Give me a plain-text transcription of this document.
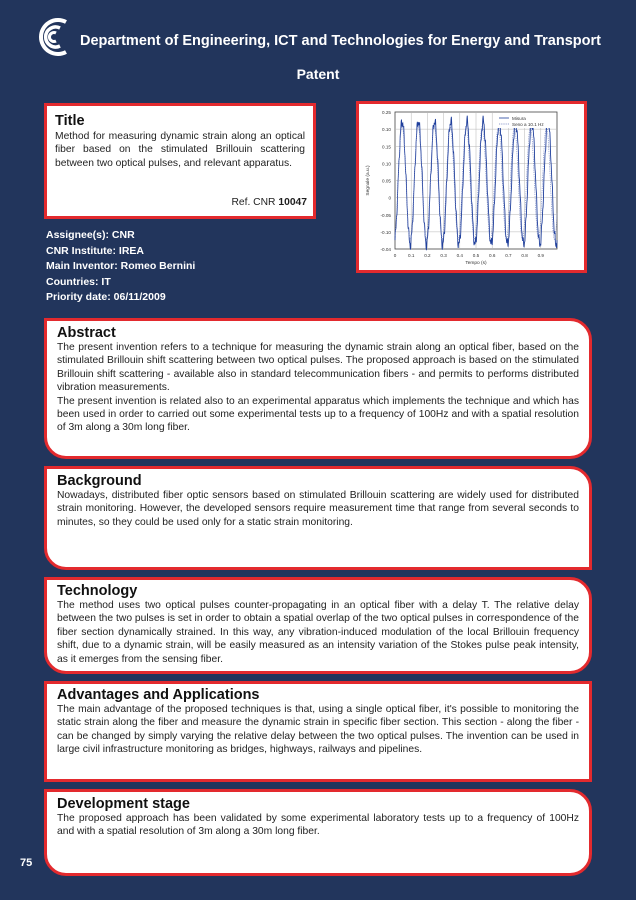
Department of Engineering, ICT and Technologies for Energy and Transport
Patent
Title

Method for measuring dynamic strain along an optical fiber based on the stimulated Brillouin scattering between two optical pulses, and relevant apparatus.

Ref. CNR 10047
0.25
0.10
0.15
0.10
0.05
0
-0.05
-0.10
-0.04
0	0.1 0.2 0.3 0.4 0.5 0.6 0.7 0.8 0.9
Tempo (s)
Segnale (a.u.)
Misura
Seno a 10.1 Hz
Assignee(s): CNR
CNR Institute: IREA
Main Inventor: Romeo Bernini
Countries: IT
Priority date: 06/11/2009
Abstract

The present invention refers to a technique for measuring the dynamic strain along an optical fiber, based on the stimulated Brillouin shift scattering between two optical pulses. The proposed approach is based on the stimulated Brillouin shift scattering - available also in standard telecommunication fibers - and permits to performs distributed vibration measurements.

The present invention is related also to an experimental apparatus which implements the technique and which has been used in order to carried out some experimental tests up to a frequency of 100Hz and with a spatial resolution of 3m along a 30m long fiber.

Background

Nowadays, distributed fiber optic sensors based on stimulated Brillouin scattering are widely used for distributed strain monitoring. However, the developed sensors require measurement time that range from several seconds to minutes, so they could be used only for a static strain monitoring.

Technology

The method uses two optical pulses counter-propagating in an optical fiber with a delay T. The relative delay between the two pulses is set in order to obtain a spatial overlap of the two optical pulses in correspondence of the fiber section dynamically strained. In this way, any vibration-induced modulation of the local Brillouin frequency shift, due to a dynamic strain, will be easily measured as an intensity variation of the Stokes pulse peak intensity, as it emerges from the sensing fiber.

Advantages and Applications

The main advantage of the proposed techniques is that, using a single optical fiber, it's possible to monitoring the static strain along the fiber and measure the dynamic strain in specific fiber section. This section - along the fiber - can be changed by simply varying the relative delay between the two optical pulses. The invention can be used in large civil infrastructure monitoring as bridges, highways, railways and pipelines.

Development stage

The proposed approach has been validated by some experimental laboratory tests up to a frequency of 100Hz and with a spatial resolution of 3m along a 30m long fiber.

75
